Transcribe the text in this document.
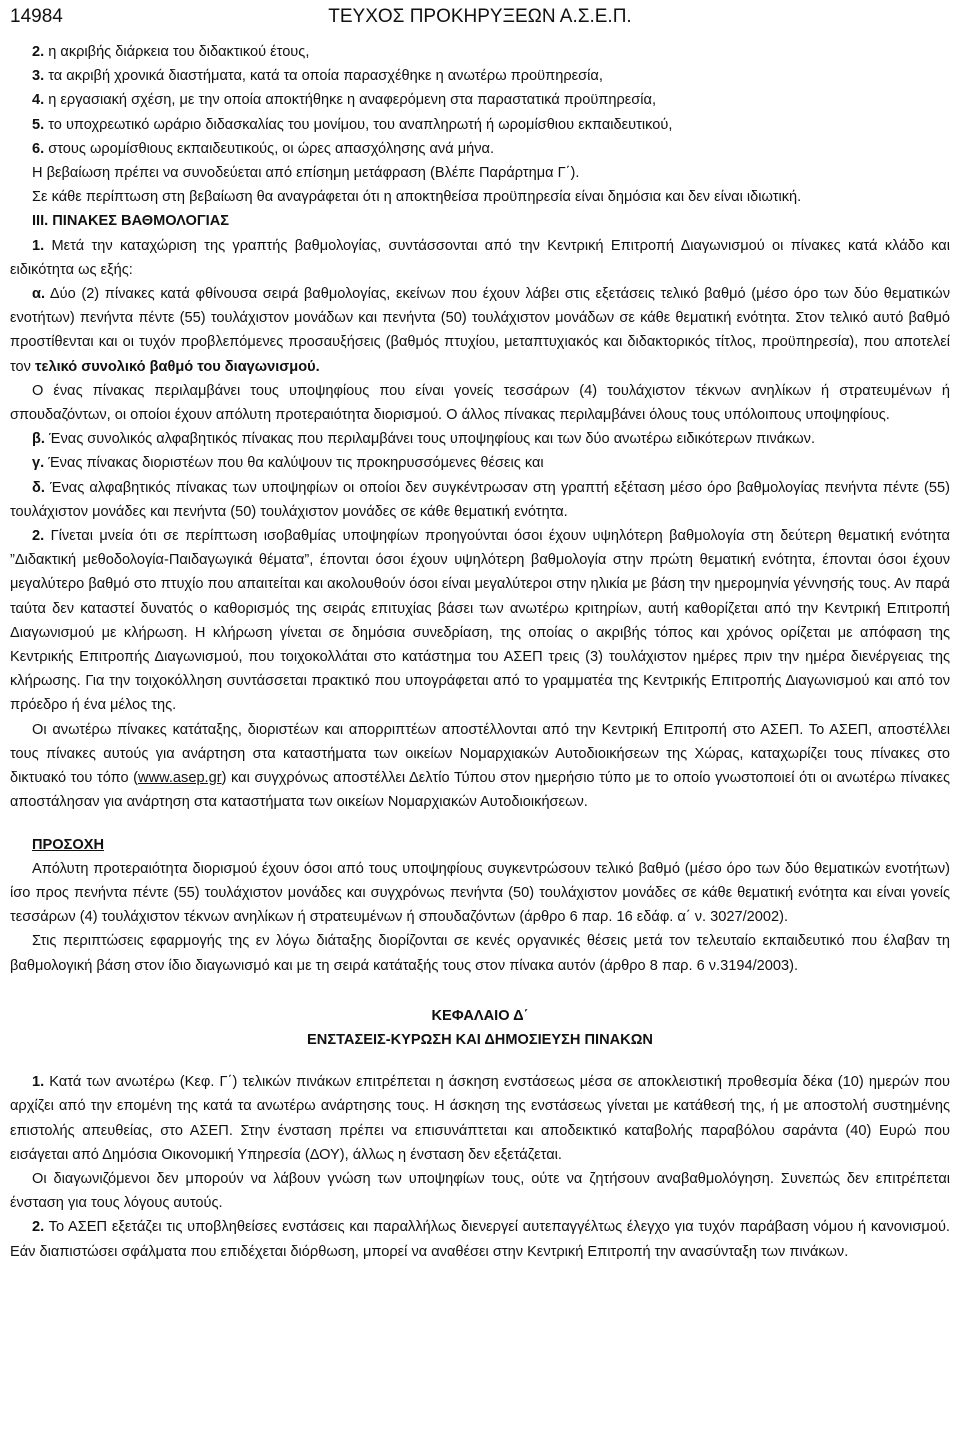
14984	ΤΕΥΧΟΣ ΠΡΟΚΗΡΥΞΕΩΝ Α.Σ.Ε.Π.

2. η ακριβής διάρκεια του διδακτικού έτους,

3. τα ακριβή χρονικά διαστήματα, κατά τα οποία παρασχέθηκε η ανωτέρω προϋπηρεσία,

4. η εργασιακή σχέση, με την οποία αποκτήθηκε η αναφερόμενη στα παραστατικά προϋπηρεσία,

5. το υποχρεωτικό ωράριο διδασκαλίας του μονίμου, του αναπληρωτή ή ωρομίσθιου εκπαιδευτικού,

6. στους ωρομίσθιους εκπαιδευτικούς, οι ώρες απασχόλησης ανά μήνα.

Η βεβαίωση πρέπει να συνοδεύεται από επίσημη μετάφραση (Βλέπε Παράρτημα Γ΄).

Σε κάθε περίπτωση στη βεβαίωση θα αναγράφεται ότι η αποκτηθείσα προϋπηρεσία είναι δημόσια και δεν είναι ιδιωτική.

ΙΙΙ. ΠΙΝΑΚΕΣ ΒΑΘΜΟΛΟΓΙΑΣ

1. Μετά την καταχώριση της γραπτής βαθμολογίας, συντάσσονται από την Κεντρική Επιτροπή Διαγωνισμού οι πίνακες κατά κλάδο και ειδικότητα ως εξής:

α. Δύο (2) πίνακες κατά φθίνουσα σειρά βαθμολογίας, εκείνων που έχουν λάβει στις εξετάσεις τελικό βαθμό (μέσο όρο των δύο θεματικών ενοτήτων) πενήντα πέντε (55) τουλάχιστον μονάδων και πενήντα (50) τουλάχιστον μονάδων σε κάθε θεματική ενότητα. Στον τελικό αυτό βαθμό προστίθενται και οι τυχόν προβλεπόμενες προσαυξήσεις (βαθμός πτυχίου, μεταπτυχιακός και διδακτορικός τίτλος, προϋπηρεσία), που αποτελεί τον τελικό συνολικό βαθμό του διαγωνισμού.

Ο ένας πίνακας περιλαμβάνει τους υποψηφίους που είναι γονείς τεσσάρων (4) τουλάχιστον τέκνων ανηλίκων ή στρατευμένων ή σπουδαζόντων, οι οποίοι έχουν απόλυτη προτεραιότητα διορισμού. Ο άλλος πίνακας περιλαμβάνει όλους τους υπόλοιπους υποψηφίους.

β. Ένας συνολικός αλφαβητικός πίνακας που περιλαμβάνει τους υποψηφίους και των δύο ανωτέρω ειδικότερων πινάκων.

γ. Ένας πίνακας διοριστέων που θα καλύψουν τις προκηρυσσόμενες θέσεις και

δ. Ένας αλφαβητικός πίνακας των υποψηφίων οι οποίοι δεν συγκέντρωσαν στη γραπτή εξέταση μέσο όρο βαθμολογίας πενήντα πέντε (55) τουλάχιστον μονάδες και πενήντα (50) τουλάχιστον μονάδες σε κάθε θεματική ενότητα.

2. Γίνεται μνεία ότι σε περίπτωση ισοβαθμίας υποψηφίων προηγούνται όσοι έχουν υψηλότερη βαθμολογία στη δεύτερη θεματική ενότητα ”Διδακτική μεθοδολογία-Παιδαγωγικά θέματα”, έπονται όσοι έχουν υψηλότερη βαθμολογία στην πρώτη θεματική ενότητα, έπονται όσοι έχουν μεγαλύτερο βαθμό στο πτυχίο που απαιτείται και ακολουθούν όσοι είναι μεγαλύτεροι στην ηλικία με βάση την ημερομηνία γέννησής τους. Αν παρά ταύτα δεν καταστεί δυνατός ο καθορισμός της σειράς επιτυχίας βάσει των ανωτέρω κριτηρίων, αυτή καθορίζεται από την Κεντρική Επιτροπή Διαγωνισμού με κλήρωση. Η κλήρωση γίνεται σε δημόσια συνεδρίαση, της οποίας ο ακριβής τόπος και χρόνος ορίζεται με απόφαση της Κεντρικής Επιτροπής Διαγωνισμού, που τοιχοκολλάται στο κατάστημα του ΑΣΕΠ τρεις (3) τουλάχιστον ημέρες πριν την ημέρα διενέργειας της κλήρωσης. Για την τοιχοκόλληση συντάσσεται πρακτικό που υπογράφεται από το γραμματέα της Κεντρικής Επιτροπής Διαγωνισμού και από τον πρόεδρο ή ένα μέλος της.

Οι ανωτέρω πίνακες κατάταξης, διοριστέων και απορριπτέων αποστέλλονται από την Κεντρική Επιτροπή στο ΑΣΕΠ. Το ΑΣΕΠ, αποστέλλει τους πίνακες αυτούς για ανάρτηση στα καταστήματα των οικείων Νομαρχιακών Αυτοδιοικήσεων της Χώρας, καταχωρίζει τους πίνακες στο δικτυακό του τόπο (www.asep.gr) και συγχρόνως αποστέλλει Δελτίο Τύπου στον ημερήσιο τύπο με το οποίο γνωστοποιεί ότι οι ανωτέρω πίνακες αποστάλησαν για ανάρτηση στα καταστήματα των οικείων Νομαρχιακών Αυτοδιοικήσεων.

ΠΡΟΣΟΧΗ

Απόλυτη προτεραιότητα διορισμού έχουν όσοι από τους υποψηφίους συγκεντρώσουν τελικό βαθμό (μέσο όρο των δύο θεματικών ενοτήτων) ίσο προς πενήντα πέντε (55) τουλάχιστον μονάδες και συγχρόνως πενήντα (50) τουλάχιστον μονάδες σε κάθε θεματική ενότητα και είναι γονείς τεσσάρων (4) τουλάχιστον τέκνων ανηλίκων ή στρατευμένων ή σπουδαζόντων (άρθρο 6 παρ. 16 εδάφ. α΄ ν. 3027/2002).

Στις περιπτώσεις εφαρμογής της εν λόγω διάταξης διορίζονται σε κενές οργανικές θέσεις μετά τον τελευταίο εκπαιδευτικό που έλαβαν τη βαθμολογική βάση στον ίδιο διαγωνισμό και με τη σειρά κατάταξής τους στον πίνακα αυτόν (άρθρο 8 παρ. 6 ν.3194/2003).

ΚΕΦΑΛΑΙΟ Δ΄

ΕΝΣΤΑΣΕΙΣ-ΚΥΡΩΣΗ ΚΑΙ ΔΗΜΟΣΙΕΥΣΗ ΠΙΝΑΚΩΝ

1. Κατά των ανωτέρω (Κεφ. Γ΄) τελικών πινάκων επιτρέπεται η άσκηση ενστάσεως μέσα σε αποκλειστική προθεσμία δέκα (10) ημερών που αρχίζει από την επομένη της κατά τα ανωτέρω ανάρτησης τους. Η άσκηση της ενστάσεως γίνεται με κατάθεσή της, ή με αποστολή συστημένης επιστολής απευθείας, στο ΑΣΕΠ. Στην ένσταση πρέπει να επισυνάπτεται και αποδεικτικό καταβολής παραβόλου σαράντα (40) Ευρώ που εισάγεται από Δημόσια Οικονομική Υπηρεσία (ΔΟΥ), άλλως η ένσταση δεν εξετάζεται.

Οι διαγωνιζόμενοι δεν μπορούν να λάβουν γνώση των υποψηφίων τους, ούτε να ζητήσουν αναβαθμολόγηση. Συνεπώς δεν επιτρέπεται ένσταση για τους λόγους αυτούς.

2. Το ΑΣΕΠ εξετάζει τις υποβληθείσες ενστάσεις και παραλλήλως διενεργεί αυτεπαγγέλτως έλεγχο για τυχόν παράβαση νόμου ή κανονισμού. Εάν διαπιστώσει σφάλματα που επιδέχεται διόρθωση, μπορεί να αναθέσει στην Κεντρική Επιτροπή την ανασύνταξη των πινάκων.
